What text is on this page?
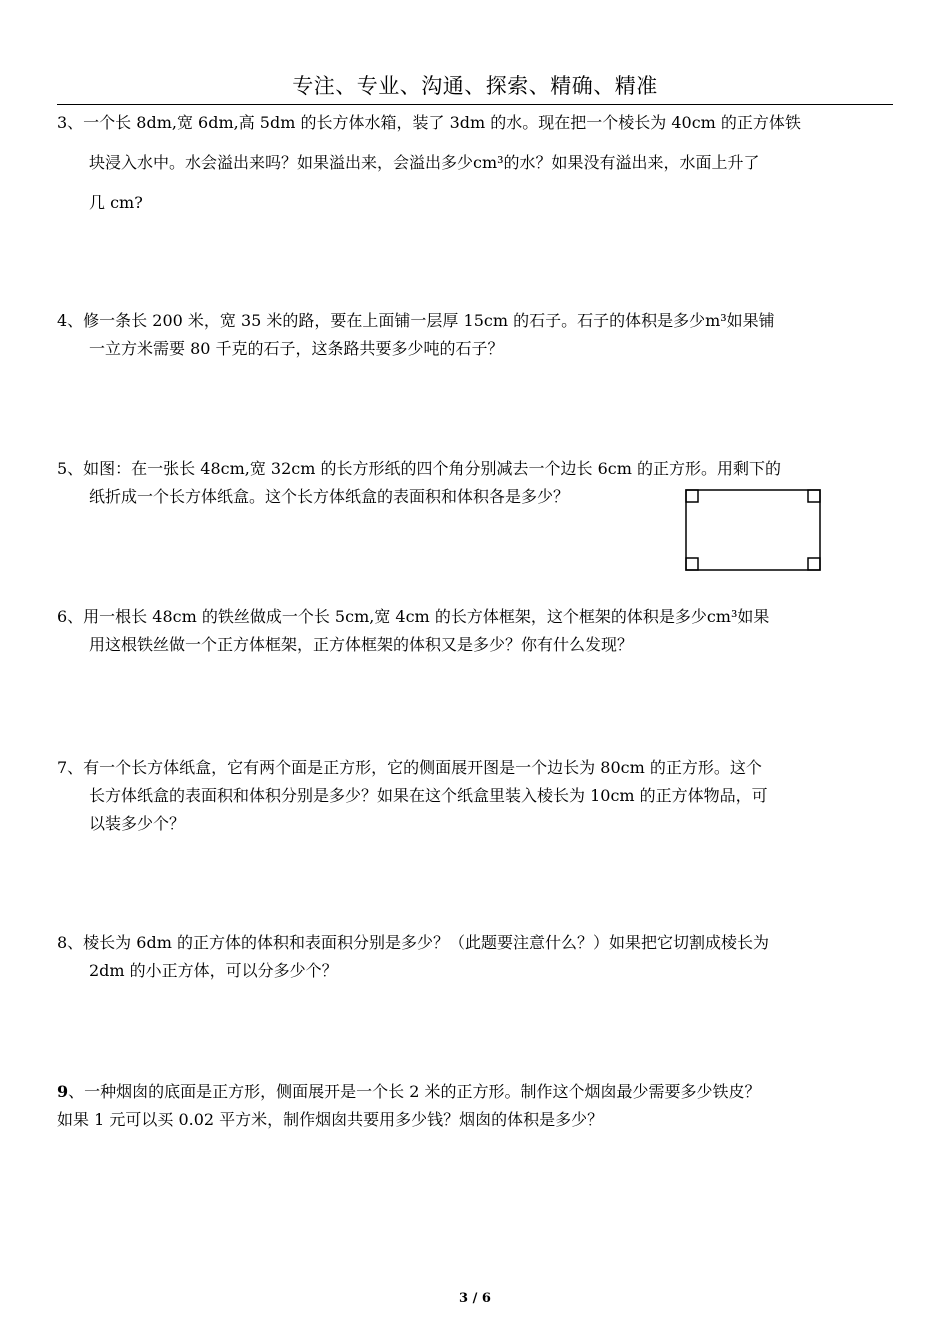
专注、专业、沟通、探索、精确、精准
3、一个长 8dm,宽 6dm,高 5dm 的长方体水箱，装了 3dm 的水。现在把一个棱长为 40cm 的正方体铁
块浸入水中。水会溢出来吗？如果溢出来，会溢出多少cm³的水？如果没有溢出来，水面上升了
几 cm?
4、修一条长 200 米，宽 35 米的路，要在上面铺一层厚 15cm 的石子。石子的体积是多少m³如果铺
一立方米需要 80 千克的石子，这条路共要多少吨的石子？
5、如图：在一张长 48cm,宽 32cm 的长方形纸的四个角分别减去一个边长 6cm 的正方形。用剩下的
纸折成一个长方体纸盒。这个长方体纸盒的表面积和体积各是多少？
6、用一根长 48cm 的铁丝做成一个长 5cm,宽 4cm 的长方体框架，这个框架的体积是多少cm³如果
用这根铁丝做一个正方体框架，正方体框架的体积又是多少？你有什么发现？
7、有一个长方体纸盒，它有两个面是正方形，它的侧面展开图是一个边长为 80cm 的正方形。这个
长方体纸盒的表面积和体积分别是多少？如果在这个纸盒里装入棱长为 10cm 的正方体物品，可
以装多少个？
8、棱长为 6dm 的正方体的体积和表面积分别是多少？（此题要注意什么？）如果把它切割成棱长为
2dm 的小正方体，可以分多少个？
9、一种烟囱的底面是正方形，侧面展开是一个长 2 米的正方形。制作这个烟囱最少需要多少铁皮？
如果 1 元可以买 0.02 平方米，制作烟囱共要用多少钱？烟囱的体积是多少？
3 / 6
